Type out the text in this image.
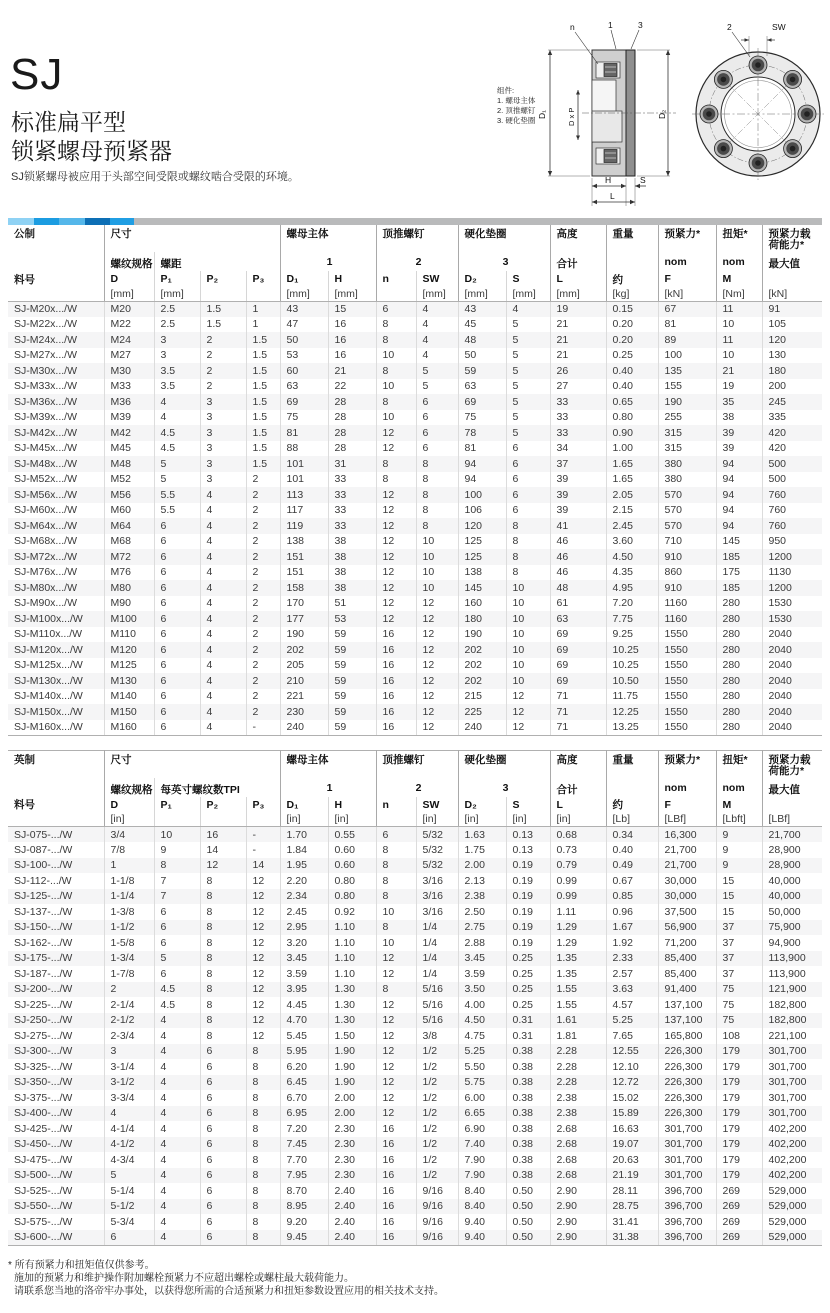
SJ
标准扁平型
锁紧螺母预紧器
SJ锁紧螺母被应用于头部空间受限或螺纹啮合受限的环境。
组件:
1. 螺母主体
2. 顶推螺钉
3. 硬化垫圈
D₁	D x P	D₂
H	S
L
n	1	3	2	SW
公制	尺寸				螺母主体		顶推螺钉		硬化垫圈		高度	重量	预紧力*	扭矩*	预紧力载荷能力*
	螺纹规格	螺距			1		2		3		合计		nom	nom	最大值
料号	D	P₁	P₂	P₃	D₁	H	n	SW	D₂	S	L	约	F	M	
	[mm]	[mm]			[mm]	[mm]		[mm]	[mm]	[mm]	[mm]	[kg]	[kN]	[Nm]	[kN]
SJ-M20x.../W	M20	2.5	1.5	1	43	15	6	4	43	4	19	0.15	67	11	91
SJ-M22x.../W	M22	2.5	1.5	1	47	16	8	4	45	5	21	0.20	81	10	105
SJ-M24x.../W	M24	3	2	1.5	50	16	8	4	48	5	21	0.20	89	11	120
SJ-M27x.../W	M27	3	2	1.5	53	16	10	4	50	5	21	0.25	100	10	130
SJ-M30x.../W	M30	3.5	2	1.5	60	21	8	5	59	5	26	0.40	135	21	180
SJ-M33x.../W	M33	3.5	2	1.5	63	22	10	5	63	5	27	0.40	155	19	200
SJ-M36x.../W	M36	4	3	1.5	69	28	8	6	69	5	33	0.65	190	35	245
SJ-M39x.../W	M39	4	3	1.5	75	28	10	6	75	5	33	0.80	255	38	335
SJ-M42x.../W	M42	4.5	3	1.5	81	28	12	6	78	5	33	0.90	315	39	420
SJ-M45x.../W	M45	4.5	3	1.5	88	28	12	6	81	6	34	1.00	315	39	420
SJ-M48x.../W	M48	5	3	1.5	101	31	8	8	94	6	37	1.65	380	94	500
SJ-M52x.../W	M52	5	3	2	101	33	8	8	94	6	39	1.65	380	94	500
SJ-M56x.../W	M56	5.5	4	2	113	33	12	8	100	6	39	2.05	570	94	760
SJ-M60x.../W	M60	5.5	4	2	117	33	12	8	106	6	39	2.15	570	94	760
SJ-M64x.../W	M64	6	4	2	119	33	12	8	120	8	41	2.45	570	94	760
SJ-M68x.../W	M68	6	4	2	138	38	12	10	125	8	46	3.60	710	145	950
SJ-M72x.../W	M72	6	4	2	151	38	12	10	125	8	46	4.50	910	185	1200
SJ-M76x.../W	M76	6	4	2	151	38	12	10	138	8	46	4.35	860	175	1130
SJ-M80x.../W	M80	6	4	2	158	38	12	10	145	10	48	4.95	910	185	1200
SJ-M90x.../W	M90	6	4	2	170	51	12	12	160	10	61	7.20	1160	280	1530
SJ-M100x.../W	M100	6	4	2	177	53	12	12	180	10	63	7.75	1160	280	1530
SJ-M110x.../W	M110	6	4	2	190	59	16	12	190	10	69	9.25	1550	280	2040
SJ-M120x.../W	M120	6	4	2	202	59	16	12	202	10	69	10.25	1550	280	2040
SJ-M125x.../W	M125	6	4	2	205	59	16	12	202	10	69	10.25	1550	280	2040
SJ-M130x.../W	M130	6	4	2	210	59	16	12	202	10	69	10.50	1550	280	2040
SJ-M140x.../W	M140	6	4	2	221	59	16	12	215	12	71	11.75	1550	280	2040
SJ-M150x.../W	M150	6	4	2	230	59	16	12	225	12	71	12.25	1550	280	2040
SJ-M160x.../W	M160	6	4	-	240	59	16	12	240	12	71	13.25	1550	280	2040
英制	尺寸				螺母主体		顶推螺钉		硬化垫圈		高度	重量	预紧力*	扭矩*	预紧力载荷能力*
	螺纹规格	每英寸螺纹数TPI			1		2		3		合计		nom	nom	最大值
料号	D	P₁	P₂	P₃	D₁	H	n	SW	D₂	S	L	约	F	M	
	[in]				[in]	[in]		[in]	[in]	[in]	[in]	[Lb]	[LBf]	[Lbft]	[LBf]
SJ-075-.../W	3/4	10	16	-	1.70	0.55	6	5/32	1.63	0.13	0.68	0.34	16,300	9	21,700
SJ-087-.../W	7/8	9	14	-	1.84	0.60	8	5/32	1.75	0.13	0.73	0.40	21,700	9	28,900
SJ-100-.../W	1	8	12	14	1.95	0.60	8	5/32	2.00	0.19	0.79	0.49	21,700	9	28,900
SJ-112-.../W	1-1/8	7	8	12	2.20	0.80	8	3/16	2.13	0.19	0.99	0.67	30,000	15	40,000
SJ-125-.../W	1-1/4	7	8	12	2.34	0.80	8	3/16	2.38	0.19	0.99	0.85	30,000	15	40,000
SJ-137-.../W	1-3/8	6	8	12	2.45	0.92	10	3/16	2.50	0.19	1.11	0.96	37,500	15	50,000
SJ-150-.../W	1-1/2	6	8	12	2.95	1.10	8	1/4	2.75	0.19	1.29	1.67	56,900	37	75,900
SJ-162-.../W	1-5/8	6	8	12	3.20	1.10	10	1/4	2.88	0.19	1.29	1.92	71,200	37	94,900
SJ-175-.../W	1-3/4	5	8	12	3.45	1.10	12	1/4	3.45	0.25	1.35	2.33	85,400	37	113,900
SJ-187-.../W	1-7/8	6	8	12	3.59	1.10	12	1/4	3.59	0.25	1.35	2.57	85,400	37	113,900
SJ-200-.../W	2	4.5	8	12	3.95	1.30	8	5/16	3.50	0.25	1.55	3.63	91,400	75	121,900
SJ-225-.../W	2-1/4	4.5	8	12	4.45	1.30	12	5/16	4.00	0.25	1.55	4.57	137,100	75	182,800
SJ-250-.../W	2-1/2	4	8	12	4.70	1.30	12	5/16	4.50	0.31	1.61	5.25	137,100	75	182,800
SJ-275-.../W	2-3/4	4	8	12	5.45	1.50	12	3/8	4.75	0.31	1.81	7.65	165,800	108	221,100
SJ-300-.../W	3	4	6	8	5.95	1.90	12	1/2	5.25	0.38	2.28	12.55	226,300	179	301,700
SJ-325-.../W	3-1/4	4	6	8	6.20	1.90	12	1/2	5.50	0.38	2.28	12.10	226,300	179	301,700
SJ-350-.../W	3-1/2	4	6	8	6.45	1.90	12	1/2	5.75	0.38	2.28	12.72	226,300	179	301,700
SJ-375-.../W	3-3/4	4	6	8	6.70	2.00	12	1/2	6.00	0.38	2.38	15.02	226,300	179	301,700
SJ-400-.../W	4	4	6	8	6.95	2.00	12	1/2	6.65	0.38	2.38	15.89	226,300	179	301,700
SJ-425-.../W	4-1/4	4	6	8	7.20	2.30	16	1/2	6.90	0.38	2.68	16.63	301,700	179	402,200
SJ-450-.../W	4-1/2	4	6	8	7.45	2.30	16	1/2	7.40	0.38	2.68	19.07	301,700	179	402,200
SJ-475-.../W	4-3/4	4	6	8	7.70	2.30	16	1/2	7.90	0.38	2.68	20.63	301,700	179	402,200
SJ-500-.../W	5	4	6	8	7.95	2.30	16	1/2	7.90	0.38	2.68	21.19	301,700	179	402,200
SJ-525-.../W	5-1/4	4	6	8	8.70	2.40	16	9/16	8.40	0.50	2.90	28.11	396,700	269	529,000
SJ-550-.../W	5-1/2	4	6	8	8.95	2.40	16	9/16	8.40	0.50	2.90	28.75	396,700	269	529,000
SJ-575-.../W	5-3/4	4	6	8	9.20	2.40	16	9/16	9.40	0.50	2.90	31.41	396,700	269	529,000
SJ-600-.../W	6	4	6	8	9.45	2.40	16	9/16	9.40	0.50	2.90	31.38	396,700	269	529,000
* 所有预紧力和扭矩值仅供参考。
施加的预紧力和维护操作附加螺栓预紧力不应超出螺栓或螺柱最大载荷能力。
请联系您当地的洛帝牢办事处，以获得您所需的合适预紧力和扭矩参数设置应用的相关技术支持。
